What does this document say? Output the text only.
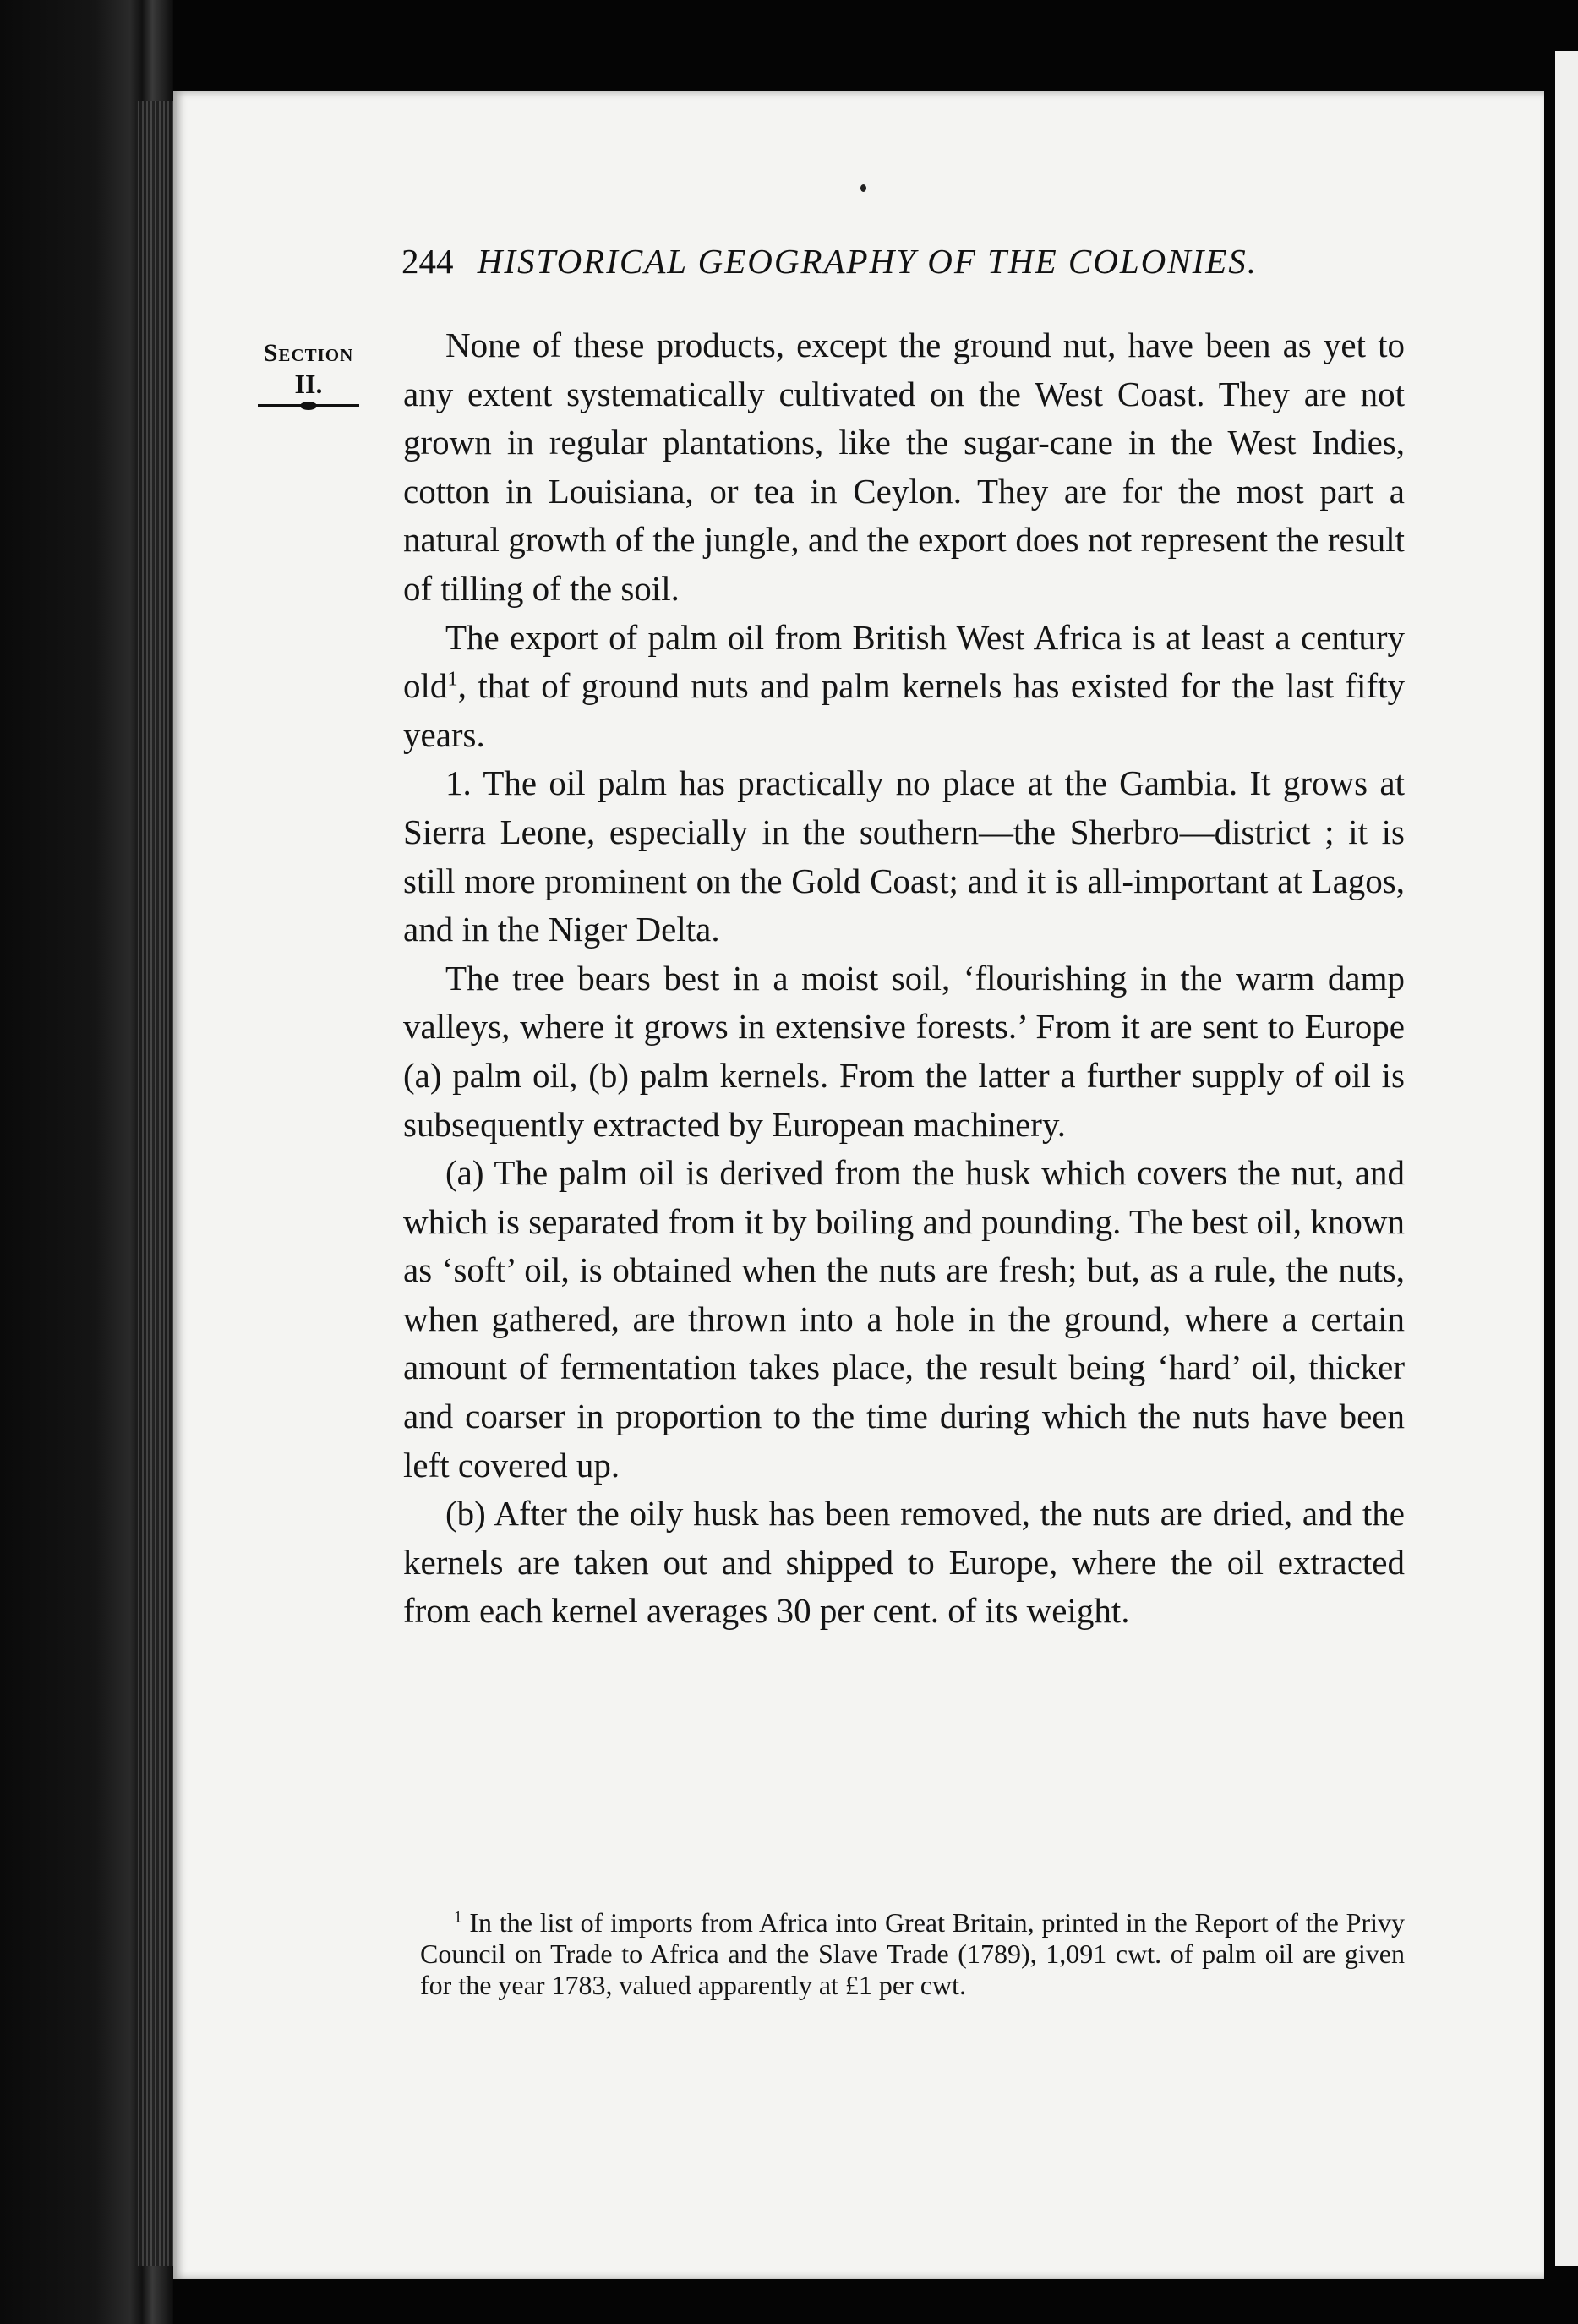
244 HISTORICAL GEOGRAPHY OF THE COLONIES.
Section
II.

None of these products, except the ground nut, have been as yet to any extent systematically cultivated on the West Coast. They are not grown in regular plantations, like the sugar-cane in the West Indies, cotton in Louisiana, or tea in Ceylon. They are for the most part a natural growth of the jungle, and the export does not represent the result of tilling of the soil.

The export of palm oil from British West Africa is at least a century old$^1$, that of ground nuts and palm kernels has existed for the last fifty years.

1. The oil palm has practically no place at the Gambia. It grows at Sierra Leone, especially in the southern—the Sherbro—district ; it is still more prominent on the Gold Coast; and it is all-important at Lagos, and in the Niger Delta.

The tree bears best in a moist soil, ‘flourishing in the warm damp valleys, where it grows in extensive forests.’ From it are sent to Europe (a) palm oil, (b) palm kernels. From the latter a further supply of oil is subsequently extracted by European machinery.

(a) The palm oil is derived from the husk which covers the nut, and which is separated from it by boiling and pounding. The best oil, known as ‘soft’ oil, is obtained when the nuts are fresh; but, as a rule, the nuts, when gathered, are thrown into a hole in the ground, where a certain amount of fermentation takes place, the result being ‘hard’ oil, thicker and coarser in proportion to the time during which the nuts have been left covered up.

(b) After the oily husk has been removed, the nuts are dried, and the kernels are taken out and shipped to Europe, where the oil extracted from each kernel averages 30 per cent. of its weight.

$^1$ In the list of imports from Africa into Great Britain, printed in the Report of the Privy Council on Trade to Africa and the Slave Trade (1789), 1,091 cwt. of palm oil are given for the year 1783, valued apparently at £1 per cwt.
